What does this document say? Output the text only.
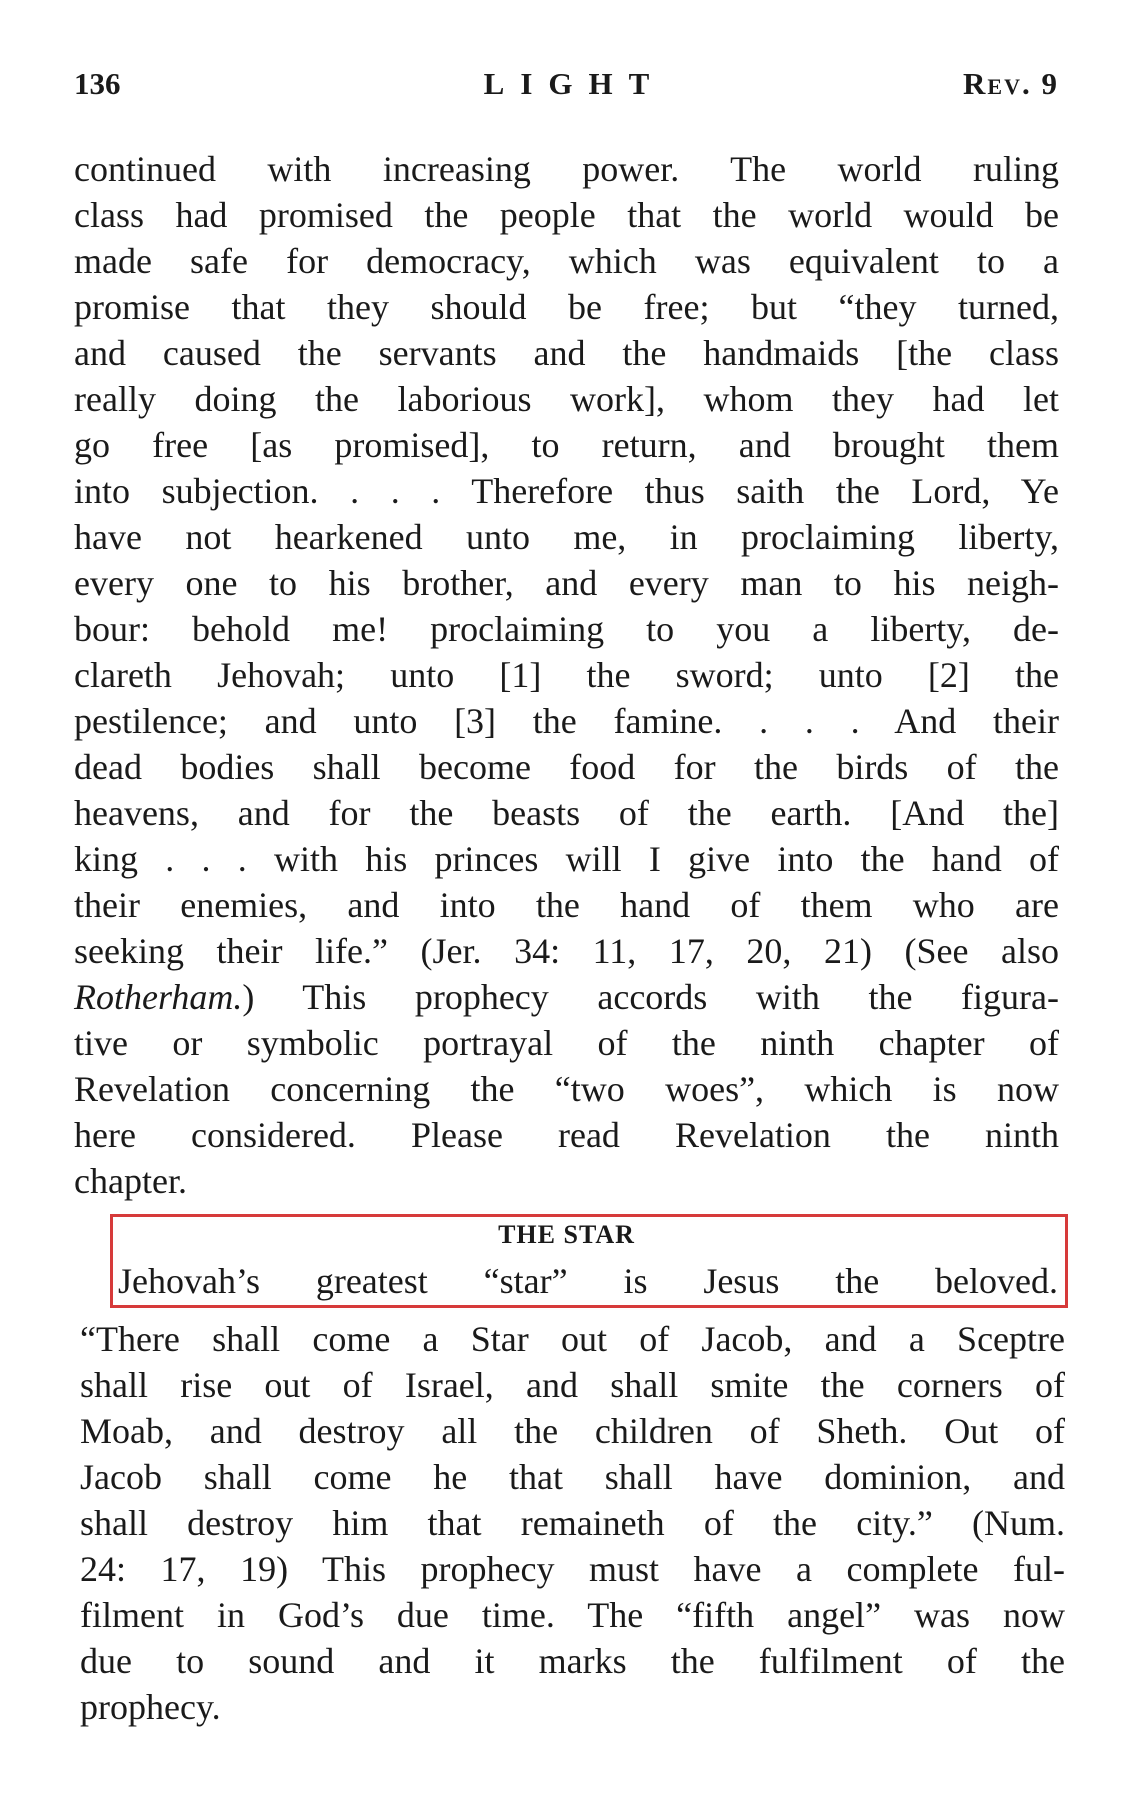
136	LIGHT	Rev. 9
continued with increasing power. The world ruling
class had promised the people that the world would be
made safe for democracy, which was equivalent to a
promise that they should be free; but “they turned,
and caused the servants and the handmaids [the class
really doing the laborious work], whom they had let
go free [as promised], to return, and brought them
into subjection. . . . Therefore thus saith the Lord, Ye
have not hearkened unto me, in proclaiming liberty,
every one to his brother, and every man to his neigh-
bour: behold me! proclaiming to you a liberty, de-
clareth Jehovah; unto [1] the sword; unto [2] the
pestilence; and unto [3] the famine. . . . And their
dead bodies shall become food for the birds of the
heavens, and for the beasts of the earth. [And the]
king . . . with his princes will I give into the hand of
their enemies, and into the hand of them who are
seeking their life.” (Jer. 34: 11, 17, 20, 21) (See also
Rotherham.) This prophecy accords with the figura-
tive or symbolic portrayal of the ninth chapter of
Revelation concerning the “two woes”, which is now
here considered. Please read Revelation the ninth
chapter.
THE STAR
Jehovah’s greatest “star” is Jesus the beloved.
“There shall come a Star out of Jacob, and a Sceptre
shall rise out of Israel, and shall smite the corners of
Moab, and destroy all the children of Sheth. Out of
Jacob shall come he that shall have dominion, and
shall destroy him that remaineth of the city.” (Num.
24: 17, 19) This prophecy must have a complete ful-
filment in God’s due time. The “fifth angel” was now
due to sound and it marks the fulfilment of the
prophecy.
